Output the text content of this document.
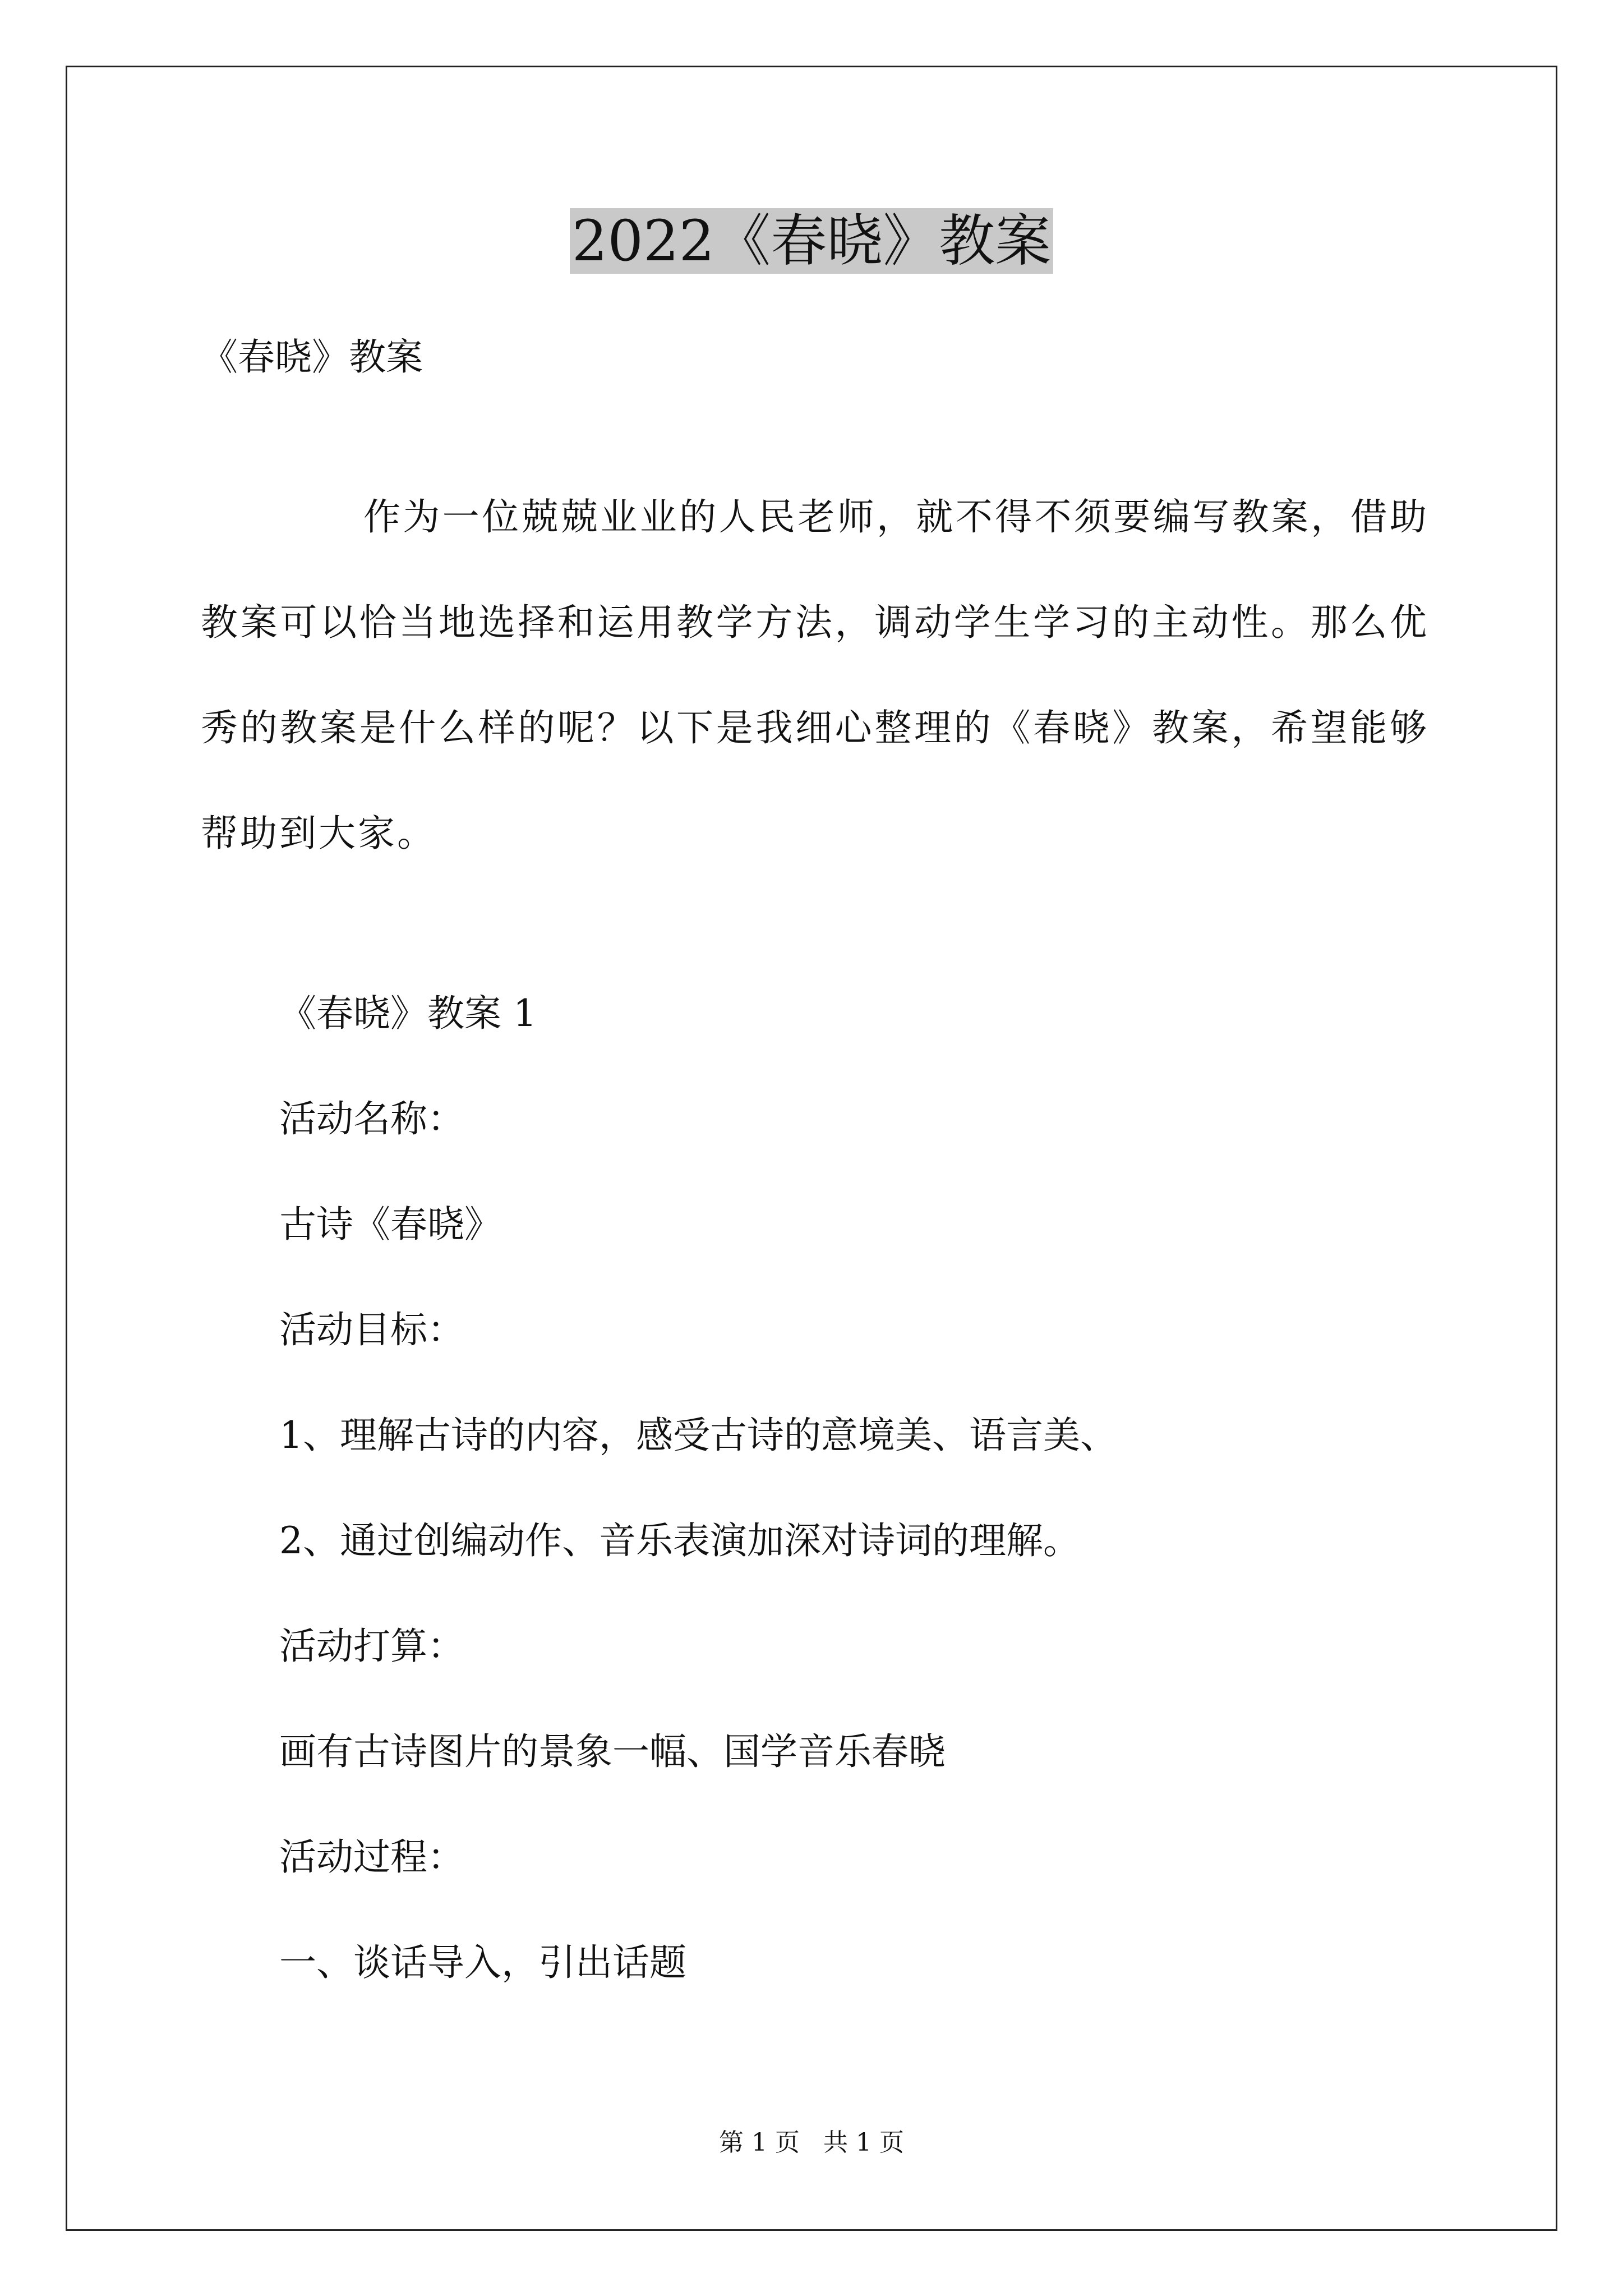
2022《春晓》教案
《春晓》教案
作为一位兢兢业业的人民老师，就不得不须要编写教案，借助教案可以恰当地选择和运用教学方法，调动学生学习的主动性。那么优秀的教案是什么样的呢？以下是我细心整理的《春晓》教案，希望能够帮助到大家。
《春晓》教案 1
活动名称：
古诗《春晓》
活动目标：
1、理解古诗的内容，感受古诗的意境美、语言美、
2、通过创编动作、音乐表演加深对诗词的理解。
活动打算：
画有古诗图片的景象一幅、国学音乐春晓
活动过程：
一、谈话导入，引出话题
第 1 页 共 1 页
